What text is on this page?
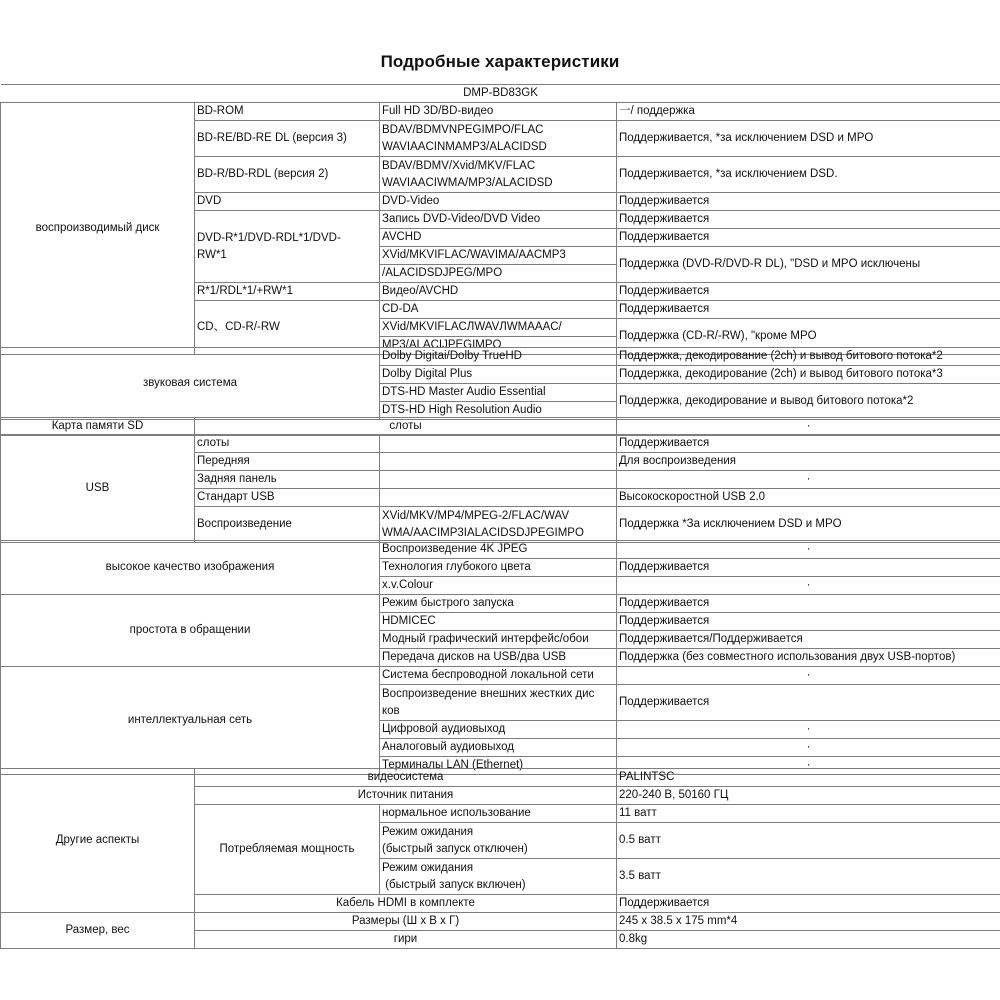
Подробные характеристики
DMP-BD83GK			
воспроизводимый диск	BD-ROM	Full HD 3D/BD-видео	一/ поддержка
	BD-RE/BD-RE DL (версия 3)	BDAV/BDMVNPEGIMPO/FLAC
WAVIAACINMAMP3/ALACIDSD	Поддерживается, *за исключением DSD и MPO
	BD-R/BD-RDL (версия 2)	BDAV/BDMV/Xvid/MKV/FLAC
WAVIAACIWMA/MP3/ALACIDSD	Поддерживается, *за исключением DSD.
	DVD	DVD-Video	Поддерживается

	DVD-R*1/DVD-RDL*1/DVD-
RW*1	Запись DVD-Video/DVD Video	Поддерживается
		AVCHD	Поддерживается
		XVid/MKVIFLAC/WAVIMA/AACMP3	Поддержка (DVD-R/DVD-R DL), "DSD и MPO исключены
		/ALACIDSDJPEG/MPO	
	R*1/RDL*1/+RW*1	Видео/AVCHD	Поддерживается
	CD、CD-R/-RW	CD-DA	Поддерживается
		XVid/MKVIFLACЛWAVЛWMAAAC/	Поддержка (CD-R/-RW), "кроме MPO
		MP3/ALACIJPEGIMPO	
звуковая система	Dolby Digitai/Dolby TrueHD	Поддержка, декодирование (2ch) и вывод битового потока*2
	Dolby Digital Plus	Поддержка, декодирование (2ch) и вывод битового потока*3
	DTS-HD Master Audio Essential	Поддержка, декодирование и вывод битового потока*2
	DTS-HD High Resolution Audio	
Карта памяти SD	слоты	·
USB	слоты		Поддерживается
	Передняя		Для воспроизведения
	Задняя панель		·
	Стандарт USB		Высокоскоростной USB 2.0
	Воспроизведение	XVid/MKV/MP4/MPEG-2/FLAC/WAV
WMA/AACIMP3IALACIDSDJPEGIMPO	Поддержка *За исключением DSD и MPO
высокое качество изображения	Воспроизведение 4K JPEG	·
	Технология глубокого цвета	Поддерживается
	x.v.Colour	·
простота в обращении	Режим быстрого запуска	Поддерживается
	HDMICEC	Поддерживается
	Модный графический интерфейс/обои	Поддерживается/Поддерживается
	Передача дисков на USB/два USB	Поддержка (без совместного использования двух USB-портов)
интеллектуальная сеть	Система беспроводной локальной сети	·

	Воспроизведение внешних жестких дис
ков	Поддерживается
	Цифровой аудиовыход	·
	Аналоговый аудиовыход	·
	Терминалы LAN (Ethernet)	·
Другие аспекты	видеосистема		PALINTSC
	Источник питания		220-240 В, 50160 ГЦ
	Потребляемая мощность	нормальное использование	11 ватт

		Режим ожидания
(быстрый запуск отключен)	0.5 ватт

		Режим ожидания
(быстрый запуск включен)	3.5 ватт
	Кабель HDMI в комплекте		Поддерживается
Размер, вес	Размеры (Ш х В х Г)		245 x 38.5 x 175 mm*4
	гири		0.8kg
